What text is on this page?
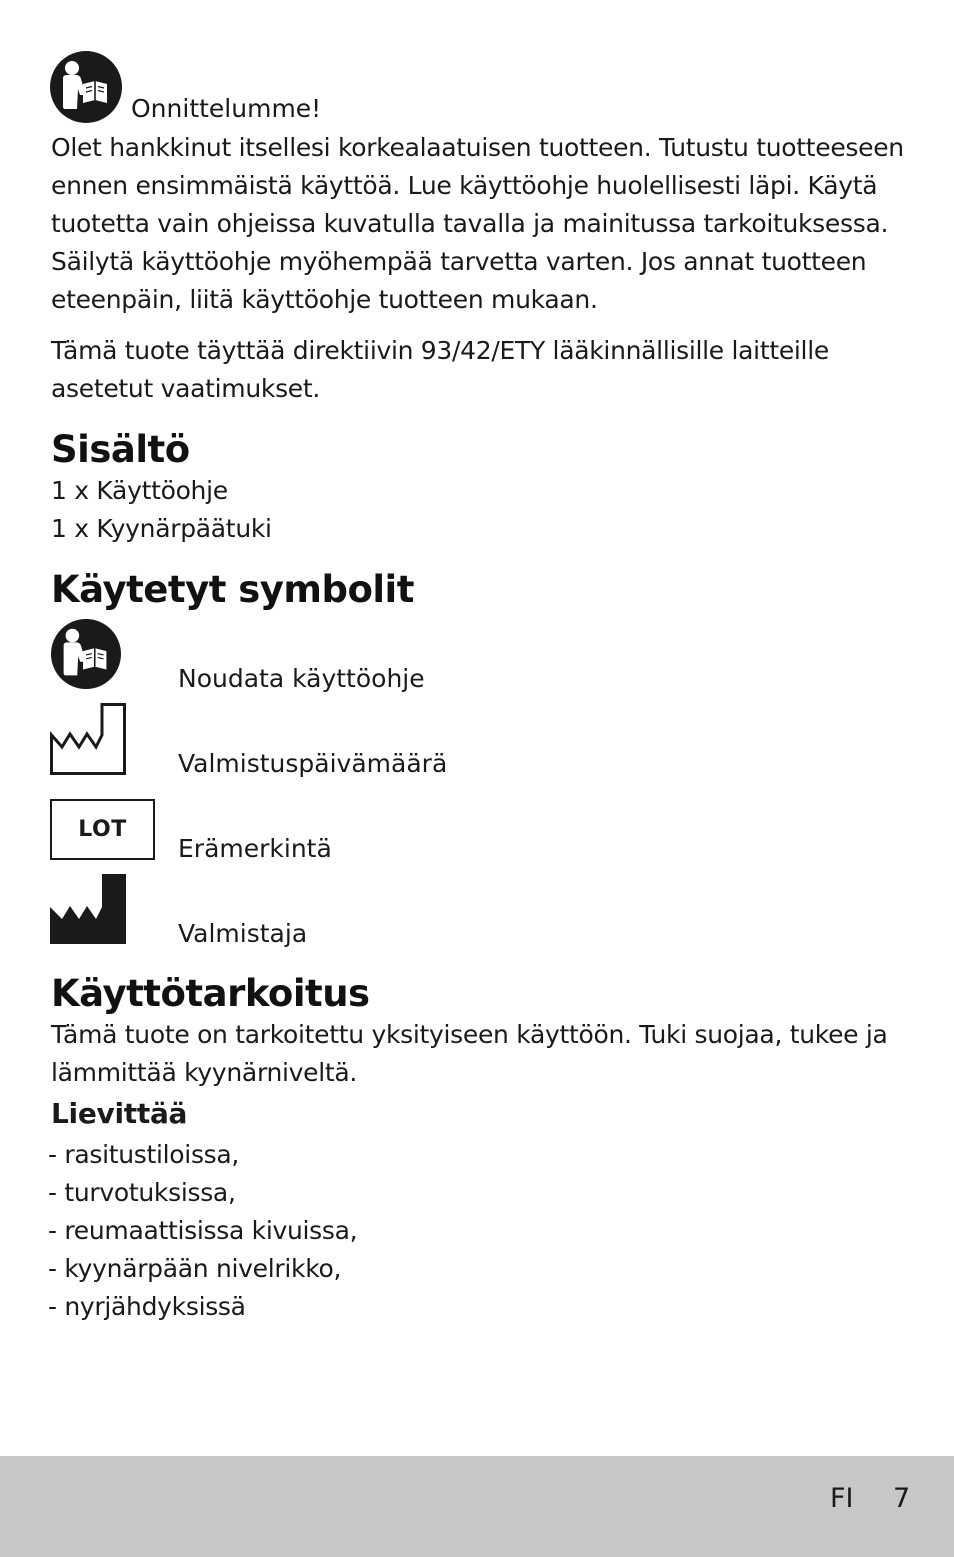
Onnittelumme!

Olet hankkinut itsellesi korkealaatuisen tuotteen. Tutustu tuotteeseen ennen ensimmäistä käyttöä. Lue käyttöohje huolellisesti läpi. Käytä tuotetta vain ohjeissa kuvatulla tavalla ja mainitussa tarkoituksessa. Säilytä käyttöohje myöhempää tarvetta varten. Jos annat tuotteen eteenpäin, liitä käyttöohje tuotteen mukaan.

Tämä tuote täyttää direktiivin 93/42/ETY lääkinnällisille laitteille asetetut vaatimukset.

Sisältö
1 x Käyttöohje
1 x Kyynärpäätuki
Käytetyt symbolit
Noudata käyttöohje
Valmistuspäivämäärä
LOT
Erämerkintä
Valmistaja
Käyttötarkoitus

Tämä tuote on tarkoitettu yksityiseen käyttöön. Tuki suojaa, tukee ja lämmittää kyynärniveltä.

Lievittää
- rasitustiloissa,
- turvotuksissa,
- reumaattisissa kivuissa,
- kyynärpään nivelrikko,
- nyrjähdyksissä
FI 7
